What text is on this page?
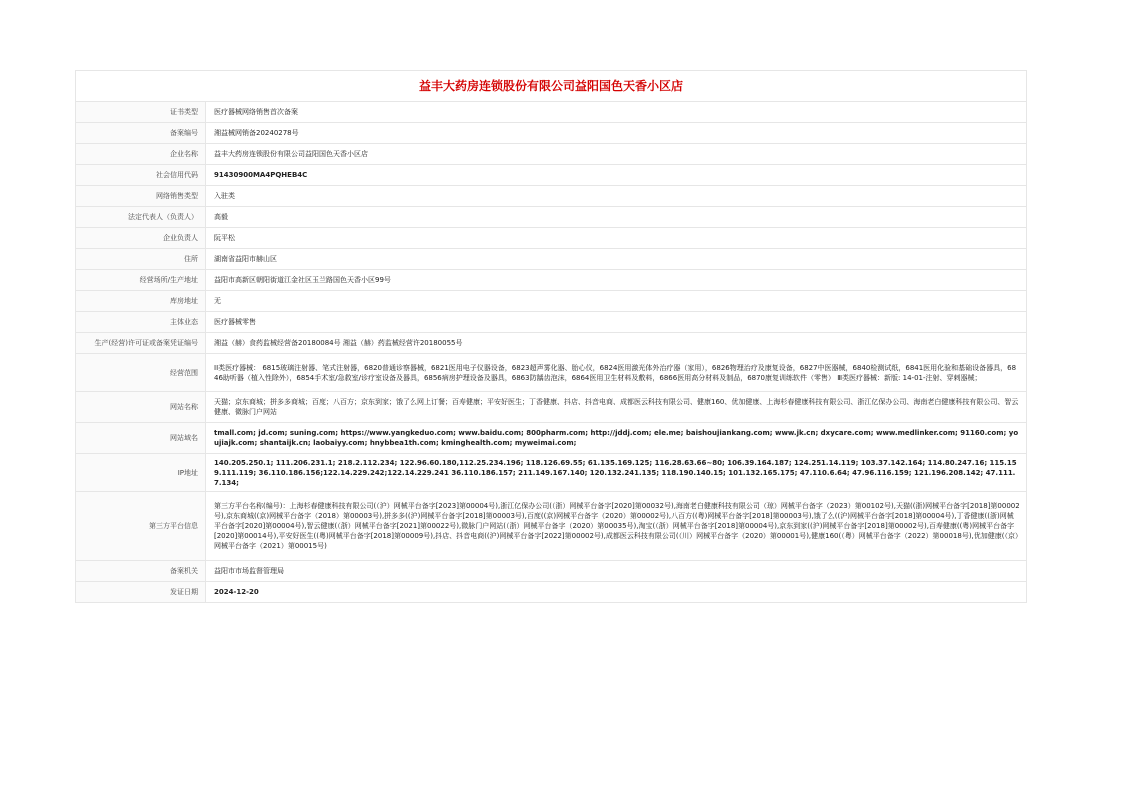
益丰大药房连锁股份有限公司益阳国色天香小区店
证书类型	医疗器械网络销售首次备案
备案编号	湘益械网销备20240278号
企业名称	益丰大药房连锁股份有限公司益阳国色天香小区店
社会信用代码	91430900MA4PQHEB4C
网络销售类型	入驻类
法定代表人（负责人）	高毅
企业负责人	阮平松
住所	湖南省益阳市赫山区
经营场所/生产地址	益阳市高新区朝阳街道江金社区玉兰路国色天香小区99号
库房地址	无
主体业态	医疗器械零售
生产(经营)许可证或备案凭证编号	湘益（赫）食药监械经营备20180084号 湘益（赫）药监械经营许20180055号
经营范围	II类医疗器械： 6815玻璃注射器、笔式注射器，6820普通诊察器械，6821医用电子仪器设备，6823超声雾化器、胎心仪，6824医用激光体外治疗器（家用），6826物理治疗及康复设备，6827中医器械，6840检测试纸，6841医用化验和基础设备器具，6846助听器（植入性除外），6854手术室/急救室/诊疗室设备及器具，6856病房护理设备及器具，6863防龋齿泡沫，6864医用卫生材料及敷料，6866医用高分材料及制品，6870康复训练软件（零售） Ⅲ类医疗器械：新版: 14-01-注射、穿刺器械；
网站名称	天猫；京东商城；拼多多商城；百度；八百方；京东到家；饿了么网上订餐；百寿健康；平安好医生；丁香健康、抖店、抖音电商、成都医云科技有限公司、健康160、优加健康、上海杉春健康科技有限公司、浙江亿保办公司、海南老白健康科技有限公司、智云健康、微脉门户网站
网站域名	tmall.com; jd.com; suning.com; https://www.yangkeduo.com; www.baidu.com; 800pharm.com; http://jddj.com; ele.me; baishoujiankang.com; www.jk.cn; dxycare.com; www.medlinker.com; 91160.com; youjiajk.com; shantaijk.cn; laobaiyy.com; hnybbea1th.com; kminghealth.com; myweimai.com;
IP地址	140.205.250.1; 111.206.231.1; 218.2.112.234; 122.96.60.180,112.25.234.196; 118.126.69.55; 61.135.169.125; 116.28.63.66~80; 106.39.164.187; 124.251.14.119; 103.37.142.164; 114.80.247.16; 115.159.111.119; 36.110.186.156;122.14.229.242;122.14.229.241 36.110.186.157; 211.149.167.140; 120.132.241.135; 118.190.140.15; 101.132.165.175; 47.110.6.64; 47.96.116.159; 121.196.208.142; 47.111.7.134;
第三方平台信息	第三方平台名称(编号)：上海杉春健康科技有限公司(（沪）网械平台备字[2023]第00004号),浙江亿保办公司(（浙）网械平台备字[2020]第00032号),海南老白健康科技有限公司（琼）网械平台备字（2023）第00102号),天猫((浙)网械平台备字[2018]第00002号),京东商城((京)网械平台备字（2018）第00003号),拼多多((沪)网械平台备字[2018]第00003号),百度((京)网械平台备字（2020）第00002号),八百方((粤)网械平台备字[2018]第00003号),饿了么((沪)网械平台备字[2018]第00004号),丁香健康((浙)网械平台备字[2020]第00004号),智云健康(（浙）网械平台备字[2021]第00022号),微脉门户网站(（浙）网械平台备字（2020）第00035号),淘宝(（浙）网械平台备字[2018]第00004号),京东到家((沪)网械平台备字[2018]第00002号),百寿健康((粤)网械平台备字[2020]第00014号),平安好医生((粤)网械平台备字[2018]第00009号),抖店、抖音电商((沪)网械平台备字[2022]第00002号),成都医云科技有限公司(（川）网械平台备字（2020）第00001号),健康160(（粤）网械平台备字（2022）第00018号),优加健康(（京）网械平台备字（2021）第00015号)
备案机关	益阳市市场监督管理局
发证日期	2024-12-20
